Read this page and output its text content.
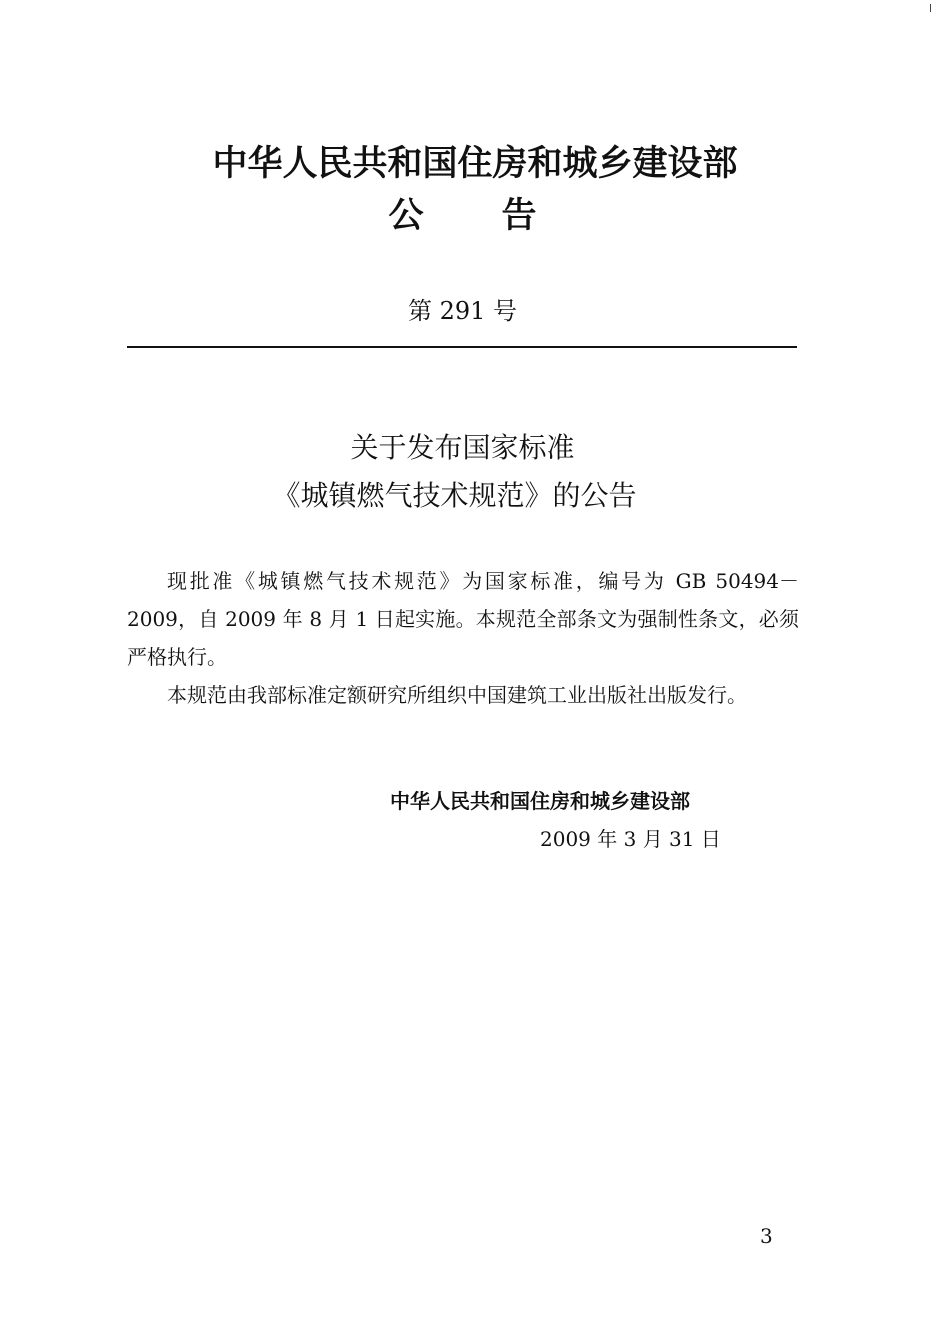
中华人民共和国住房和城乡建设部
公告
第 291 号
关于发布国家标准
《城镇燃气技术规范》的公告

现批准《城镇燃气技术规范》为国家标准，编号为 GB 50494－2009，自 2009 年 8 月 1 日起实施。本规范全部条文为强制性条文，必须严格执行。

本规范由我部标准定额研究所组织中国建筑工业出版社出版发行。

中华人民共和国住房和城乡建设部
2009 年 3 月 31 日
3
